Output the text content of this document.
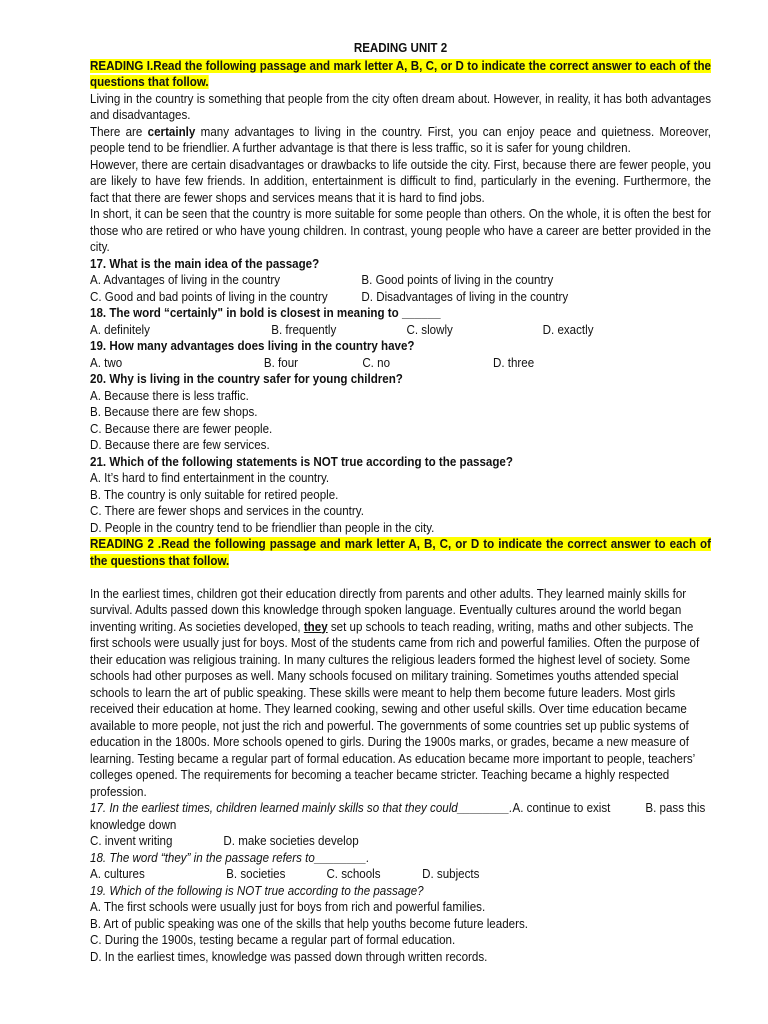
READING UNIT 2

READING I.Read the following passage and mark letter A, B, C, or D to indicate the correct answer to each of the questions that follow.

Living in the country is something that people from the city often dream about. However, in reality, it has both advantages and disadvantages.

There are certainly many advantages to living in the country. First, you can enjoy peace and quietness. Moreover, people tend to be friendlier. A further advantage is that there is less traffic, so it is safer for young children.

However, there are certain disadvantages or drawbacks to life outside the city. First, because there are fewer people, you are likely to have few friends. In addition, entertainment is difficult to find, particularly in the evening. Furthermore, the fact that there are fewer shops and services means that it is hard to find jobs.

In short, it can be seen that the country is more suitable for some people than others. On the whole, it is often the best for those who are retired or who have young children. In contrast, young people who have a career are better provided in the city.

17. What is the main idea of the passage?
A. Advantages of living in the country	B. Good points of living in the country
C. Good and bad points of living in the country	D. Disadvantages of living in the country
18. The word “certainly" in bold is closest in meaning to ______
A. definitely	B. frequently	C. slowly	D. exactly
19. How many advantages does living in the country have?
A. two	B. four	C. no	D. three
20. Why is living in the country safer for young children?
A. Because there is less traffic.
B. Because there are few shops.
C. Because there are fewer people.
D. Because there are few services.
21. Which of the following statements is NOT true according to the passage?
A. It’s hard to find entertainment in the country.
B. The country is only suitable for retired people.
C. There are fewer shops and services in the country.
D. People in the country tend to be friendlier than people in the city.

READING 2 .Read the following passage and mark letter A, B, C, or D to indicate the correct answer to each of the questions that follow.

In the earliest times, children got their education directly from parents and other adults. They learned mainly skills for survival. Adults passed down this knowledge through spoken language. Eventually cultures around the world began inventing writing. As societies developed, they set up schools to teach reading, writing, maths and other subjects. The first schools were usually just for boys. Most of the students came from rich and powerful families. Often the purpose of their education was religious training. In many cultures the religious leaders formed the highest level of society. Some schools had other purposes as well. Many schools focused on military training. Sometimes youths attended special schools to learn the art of public speaking. These skills were meant to help them become future leaders. Most girls received their education at home. They learned cooking, sewing and other useful skills. Over time education became available to more people, not just the rich and powerful. The governments of some countries set up public systems of education in the 1800s. More schools opened to girls. During the 1900s marks, or grades, became a new measure of learning. Testing became a regular part of formal education. As education became more important to people, teachers’ colleges opened. The requirements for becoming a teacher became stricter. Teaching became a highly respected profession.

17. In the earliest times, children learned mainly skills so that they could________.A. continue to exist	B. pass this knowledge down
C. invent writing	D. make societies develop
18. The word “they” in the passage refers to________.
A. cultures	B. societies	C. schools	D. subjects
19. Which of the following is NOT true according to the passage?
A. The first schools were usually just for boys from rich and powerful families.
B. Art of public speaking was one of the skills that help youths become future leaders.
C. During the 1900s, testing became a regular part of formal education.
D. In the earliest times, knowledge was passed down through written records.
